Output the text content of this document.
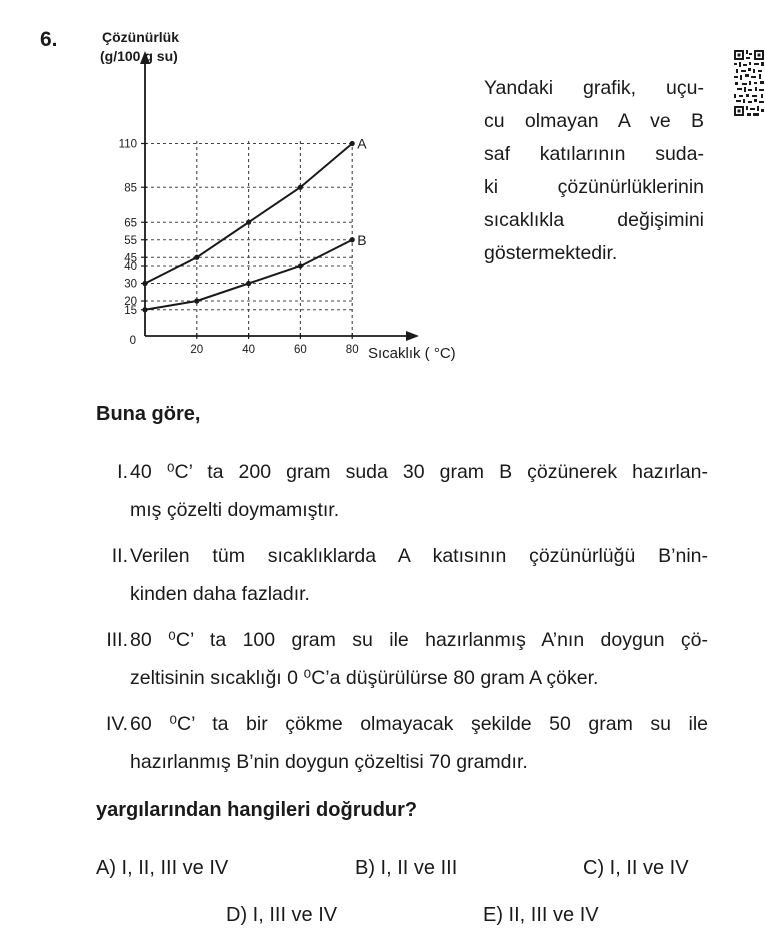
6.
15
20
30
40
45
55
65
85
110
20	40	60	80
0
Çözünürlük
(g/100 g su)
Sıcaklık ( °C)
A
B
Yandaki grafik, uçu-
cu olmayan A ve B
saf katılarının suda-
ki çözünürlüklerinin
sıcaklıkla değişimini
göstermektedir.
Buna göre,
I. 40 ⁰C’ ta 200 gram suda 30 gram B çözünerek hazırlan-
mış çözelti doymamıştır.
II. Verilen tüm sıcaklıklarda A katısının çözünürlüğü B’nin-
kinden daha fazladır.
III. 80 ⁰C’ ta 100 gram su ile hazırlanmış A’nın doygun çö-
zeltisinin sıcaklığı 0 ⁰C’a düşürülürse 80 gram A çöker.
IV. 60 ⁰C’ ta bir çökme olmayacak şekilde 50 gram su ile
hazırlanmış B’nin doygun çözeltisi 70 gramdır.
yargılarından hangileri doğrudur?
A) I, II, III ve IV	B) I, II ve III	C) I, II ve IV
D) I, III ve IV	E) II, III ve IV
